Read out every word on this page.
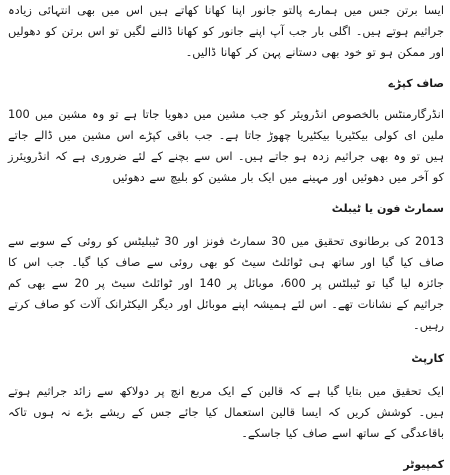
ایسا برتن جس میں ہمارے پالتو جانور اپنا کھانا کھاتے ہیں اس میں بھی انتہائی زیادہ جراثیم ہوتے ہیں۔ اگلی بار جب آپ اپنے جانور کو کھانا ڈالنے لگیں تو اس برتن کو دھولیں اور ممکن ہو تو خود بھی دستانے پہن کر کھانا ڈالیں۔

صاف کپڑے

انڈرگارمنٹس بالخصوص انڈرویئر کو جب مشین میں دھویا جاتا ہے تو وہ مشین میں 100 ملین ای کولی بیکٹیریا بیکٹیریا چھوڑ جاتا ہے۔ جب باقی کپڑے اس مشین میں ڈالے جاتے ہیں تو وہ بھی جراثیم زدہ ہو جاتے ہیں۔ اس سے بچنے کے لئے ضروری ہے کہ انڈرویئرز کو آخر میں دھوئیں اور مہینے میں ایک بار مشین کو بلیچ سے دھوئیں

سمارٹ فون یا ٹیبلٹ

2013 کی برطانوی تحقیق میں 30 سمارٹ فونز اور 30 ٹیبلیٹس کو روئی کے سوبے سے صاف کیا گیا اور ساتھ ہی ٹوائلٹ سیٹ کو بھی روئی سے صاف کیا گیا۔ جب اس کا جائزہ لیا گیا تو ٹیبلٹس پر 600، موبائل پر 140 اور ٹوائلٹ سیٹ پر 20 سے بھی کم جراثیم کے نشانات تھے۔ اس لئے ہمیشہ اپنے موبائل اور دیگر الیکٹرانک آلات کو صاف کرتے رہیں۔

کارپٹ

ایک تحقیق میں بتایا گیا ہے کہ قالین کے ایک مربع انچ پر دولاکھ سے زائد جراثیم ہوتے ہیں۔ کوشش کریں کہ ایسا قالین استعمال کیا جائے جس کے ریشے بڑے نہ ہوں تاکہ باقاعدگی کے ساتھ اسے صاف کیا جاسکے۔

کمپیوٹر
